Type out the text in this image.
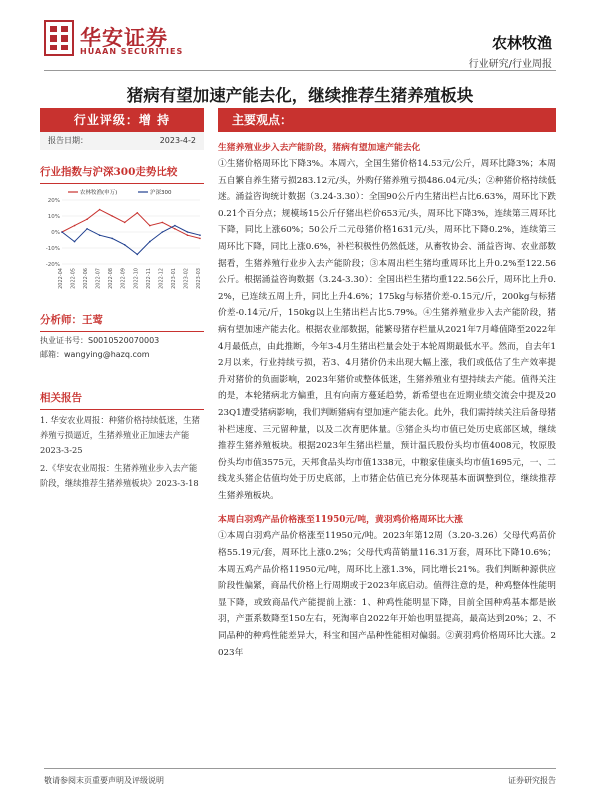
华安证券
HUAAN SECURITIES	农林牧渔
行业研究/行业周报
猪病有望加速产能去化，继续推荐生猪养殖板块
行业评级：增 持
报告日期：	2023-4-2
行业指数与沪深300走势比较
20%
10%
0%
-10%
-20%
2022-04 2022-05 2022-06 2022-07 2022-08 2022-09 2022-10 2022-11 2022-12 2023-01 2023-02 2023-03
农林牧渔(申万)	沪深300
分析师：王莺
执业证书号：S0010520070003
邮箱：wangying@hazq.com
相关报告
1. 华安农业周报：种猪价格持续低迷，生猪养殖亏损逼近，生猪养殖业正加速去产能 2023-3-25
2.《华安农业周报：生猪养殖业步入去产能阶段，继续推荐生猪养殖板块》2023-3-18
主要观点：
生猪养殖业步入去产能阶段，猪病有望加速产能去化
①生猪价格周环比下降3%。本周六，全国生猪价格14.53元/公斤，周环比降3%；本周五自繁自养生猪亏损283.12元/头，外购仔猪养殖亏损486.04元/头；②种猪价格持续低迷。涌益咨询统计数据（3.24-3.30）：全国90公斤内生猪出栏占比6.63%，周环比下跌0.21个百分点；规模场15公斤仔猪出栏价653元/头，周环比下降3%，连续第三周环比下降，同比上涨60%；50公斤二元母猪价格1631元/头，周环比下降0.2%，连续第三周环比下降，同比上涨0.6%，补栏积极性仍然低迷，从畜牧协会、涌益咨询、农业部数据看，生猪养殖行业步入去产能阶段；③本周出栏生猪均重周环比上升0.2%至122.56公斤。根据涌益咨询数据（3.24-3.30）：全国出栏生猪均重122.56公斤，周环比上升0.2%，已连续五周上升，同比上升4.6%；175kg与标猪价差-0.15元/斤，200kg与标猪价差-0.14元/斤，150kg以上生猪出栏占比5.79%。④生猪养殖业步入去产能阶段，猪病有望加速产能去化。根据农业部数据，能繁母猪存栏量从2021年7月峰值降至2022年4月最低点，由此推断，今年3-4月生猪出栏量会处于本轮周期最低水平。然而，自去年12月以来，行业持续亏损，若3、4月猪价仍未出现大幅上涨，我们或低估了生产效率提升对猪价的负面影响，2023年猪价或整体低迷，生猪养殖业有望持续去产能。值得关注的是，本轮猪病北方偏重，且有向南方蔓延趋势，新希望也在近期业绩交流会中提及2023Q1遭受猪病影响，我们判断猪病有望加速产能去化。此外，我们需持续关注后备母猪补栏速度、三元留种量，以及二次育肥体量。⑤猪企头均市值已处历史底部区域，继续推荐生猪养殖板块。根据2023年生猪出栏量，预计温氏股份头均市值4008元，牧原股份头均市值3575元，天邦食品头均市值1338元，中粮家佳康头均市值1695元，一、二线龙头猪企估值均处于历史底部，上市猪企估值已充分体现基本面调整到位，继续推荐生猪养殖板块。
本周白羽鸡产品价格涨至11950元/吨，黄羽鸡价格周环比大涨
①本周白羽鸡产品价格涨至11950元/吨。2023年第12周（3.20-3.26）父母代鸡苗价格55.19元/套，周环比上涨0.2%；父母代鸡苗销量116.31万套，周环比下降10.6%；本周五鸡产品价格11950元/吨，周环比上涨1.3%，同比增长21%。我们判断种源供应阶段性偏紧，商品代价格上行周期或于2023年底启动。值得注意的是，种鸡整体性能明显下降，或致商品代产能提前上涨：1、种鸡性能明显下降，目前全国种鸡基本都是嵌羽，产蛋系数降至150左右，死淘率自2022年开始也明显提高，最高达到20%；2、不同品种的种鸡性能差异大，科宝和国产品种性能相对偏弱。②黄羽鸡价格周环比大涨。2023年
敬请参阅末页重要声明及评级说明	证券研究报告
